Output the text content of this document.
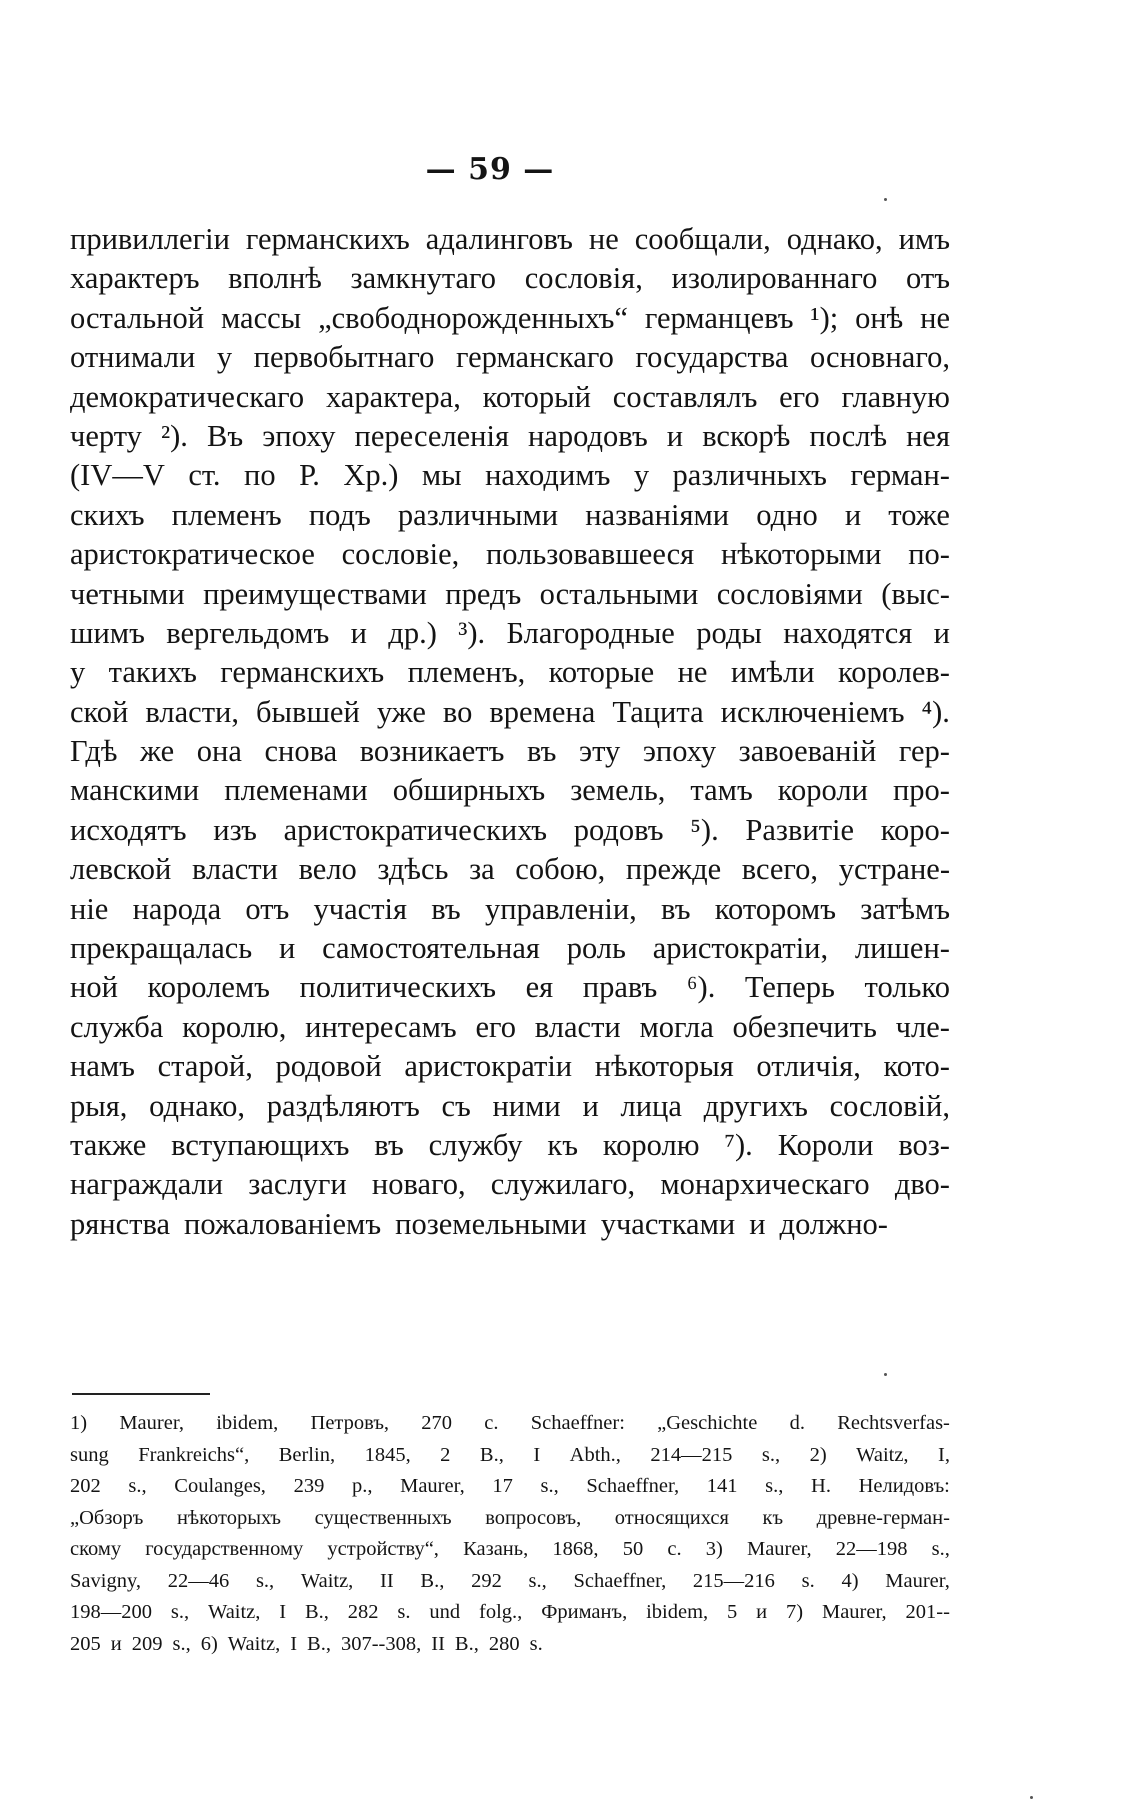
— 59 —
привиллегіи германскихъ адалинговъ не сообщали, однако, имъ
характеръ вполнѣ замкнутаго сословія, изолированнаго отъ
остальной массы „свободнорожденныхъ“ германцевъ ¹); онѣ не
отнимали у первобытнаго германскаго государства основнаго,
демократическаго характера, который составлялъ его главную
черту ²). Въ эпоху переселенія народовъ и вскорѣ послѣ нея
(IV—V ст. по Р. Хр.) мы находимъ у различныхъ герман-
скихъ племенъ подъ различными названіями одно и тоже
аристократическое сословіе, пользовавшееся нѣкоторыми по-
четными преимуществами предъ остальными сословіями (выс-
шимъ вергельдомъ и др.) ³). Благородные роды находятся и
у такихъ германскихъ племенъ, которые не имѣли королев-
ской власти, бывшей уже во времена Тацита исключеніемъ ⁴).
Гдѣ же она снова возникаетъ въ эту эпоху завоеваній гер-
манскими племенами обширныхъ земель, тамъ короли про-
исходятъ изъ аристократическихъ родовъ ⁵). Развитіе коро-
левской власти вело здѣсь за собою, прежде всего, устране-
ніе народа отъ участія въ управленіи, въ которомъ затѣмъ
прекращалась и самостоятельная роль аристократіи, лишен-
ной королемъ политическихъ ея правъ ⁶). Теперь только
служба королю, интересамъ его власти могла обезпечить чле-
намъ старой, родовой аристократіи нѣкоторыя отличія, кото-
рыя, однако, раздѣляютъ съ ними и лица другихъ сословій,
также вступающихъ въ службу къ королю ⁷). Короли воз-
награждали заслуги новаго, служилаго, монархическаго дво-
рянства пожалованіемъ поземельными участками и должно-
1) Maurer, ibidem, Петровъ, 270 с. Schaeffner: „Geschichte d. Rechtsverfas-
sung Frankreichs“, Berlin, 1845, 2 B., I Abth., 214—215 s., 2) Waitz, I,
202 s., Coulanges, 239 p., Maurer, 17 s., Schaeffner, 141 s., Н. Нелидовъ:
„Обзоръ нѣкоторыхъ существенныхъ вопросовъ, относящихся къ древне-герман-
скому государственному устройству“, Казань, 1868, 50 с. 3) Maurer, 22—198 s.,
Savigny, 22—46 s., Waitz, II B., 292 s., Schaeffner, 215—216 s. 4) Maurer,
198—200 s., Waitz, I B., 282 s. und folg., Фриманъ, ibidem, 5 и 7) Maurer, 201--
205 и 209 s., 6) Waitz, I B., 307--308, II B., 280 s.
